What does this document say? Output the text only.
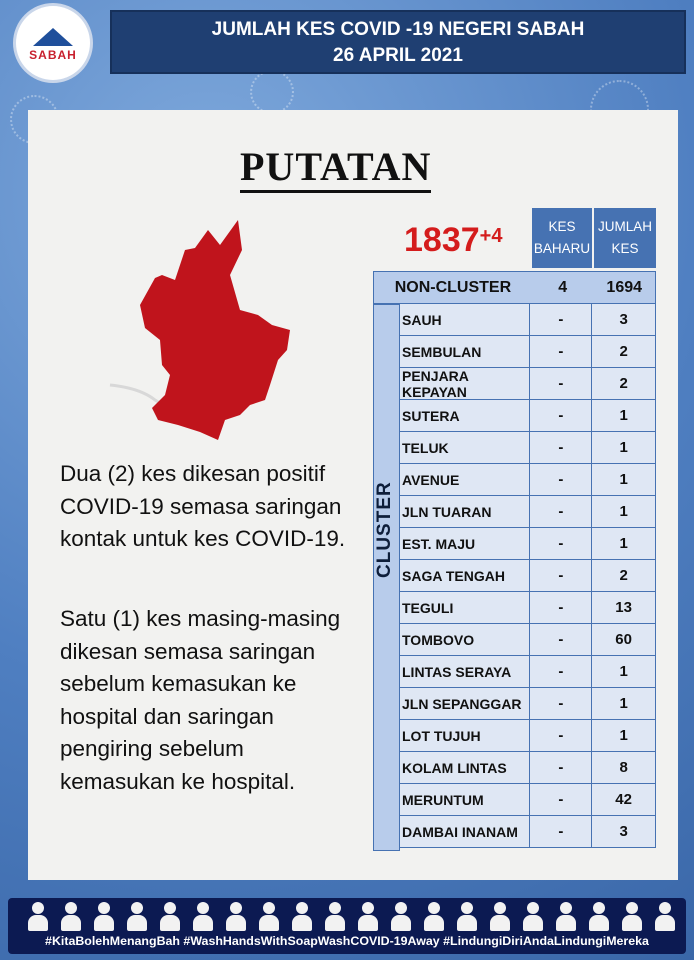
SABAH
JUMLAH KES COVID -19 NEGERI SABAH
26 APRIL 2021
PUTATAN
$1837^{+4}$
Dua (2) kes dikesan positif COVID-19 semasa saringan kontak untuk kes COVID-19.
Satu (1) kes masing-masing dikesan semasa saringan sebelum kemasukan ke hospital dan saringan pengiring sebelum kemasukan ke hospital.
KES
BAHARU
JUMLAH
KES
NON-CLUSTER	4	1694
CLUSTER
SAUH	-	3
SEMBULAN	-	2
PENJARA KEPAYAN	-	2
SUTERA	-	1
TELUK	-	1
AVENUE	-	1
JLN TUARAN	-	1
EST. MAJU	-	1
SAGA TENGAH	-	2
TEGULI	-	13
TOMBOVO	-	60
LINTAS SERAYA	-	1
JLN SEPANGGAR	-	1
LOT TUJUH	-	1
KOLAM LINTAS	-	8
MERUNTUM	-	42
DAMBAI INANAM	-	3
#KitaBolehMenangBah #WashHandsWithSoapWashCOVID-19Away #LindungiDiriAndaLindungiMereka
